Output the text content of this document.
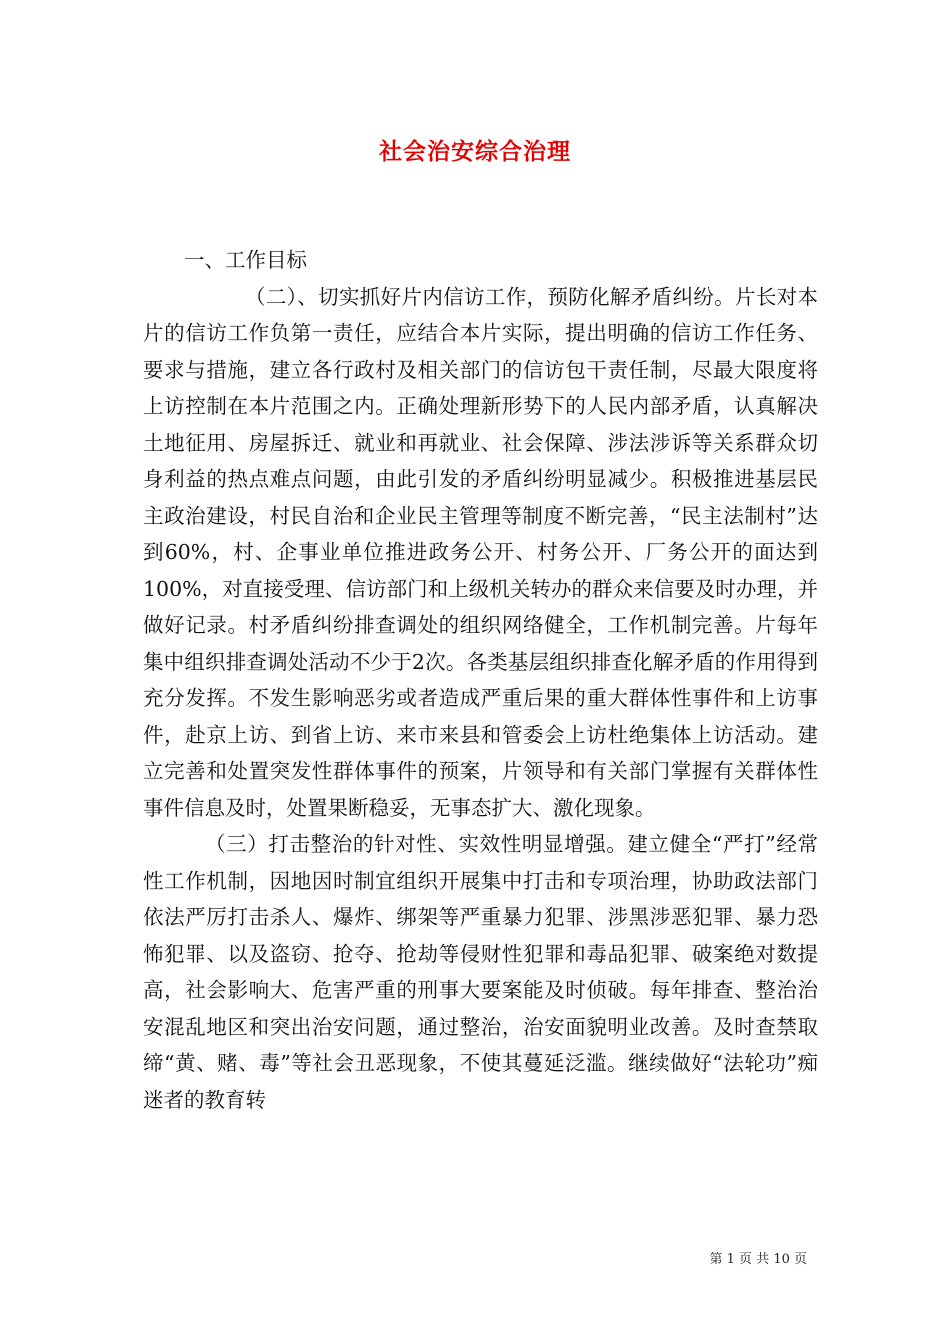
社会治安综合治理

一、工作目标

（二）、切实抓好片内信访工作，预防化解矛盾纠纷。片长对本片的信访工作负第一责任，应结合本片实际，提出明确的信访工作任务、要求与措施，建立各行政村及相关部门的信访包干责任制，尽最大限度将上访控制在本片范围之内。正确处理新形势下的人民内部矛盾，认真解决土地征用、房屋拆迁、就业和再就业、社会保障、涉法涉诉等关系群众切身利益的热点难点问题，由此引发的矛盾纠纷明显减少。积极推进基层民主政治建设，村民自治和企业民主管理等制度不断完善，“民主法制村”达到60%，村、企事业单位推进政务公开、村务公开、厂务公开的面达到100%，对直接受理、信访部门和上级机关转办的群众来信要及时办理，并做好记录。村矛盾纠纷排查调处的组织网络健全，工作机制完善。片每年集中组织排查调处活动不少于2次。各类基层组织排查化解矛盾的作用得到充分发挥。不发生影响恶劣或者造成严重后果的重大群体性事件和上访事件，赴京上访、到省上访、来市来县和管委会上访杜绝集体上访活动。建立完善和处置突发性群体事件的预案，片领导和有关部门掌握有关群体性事件信息及时，处置果断稳妥，无事态扩大、激化现象。

（三）打击整治的针对性、实效性明显增强。建立健全“严打”经常性工作机制，因地因时制宜组织开展集中打击和专项治理，协助政法部门依法严厉打击杀人、爆炸、绑架等严重暴力犯罪、涉黑涉恶犯罪、暴力恐怖犯罪、以及盗窃、抢夺、抢劫等侵财性犯罪和毒品犯罪、破案绝对数提高，社会影响大、危害严重的刑事大要案能及时侦破。每年排查、整治治安混乱地区和突出治安问题，通过整治，治安面貌明业改善。及时查禁取缔“黄、赌、毒”等社会丑恶现象，不使其蔓延泛滥。继续做好“法轮功”痴迷者的教育转

第 1 页 共 10 页
